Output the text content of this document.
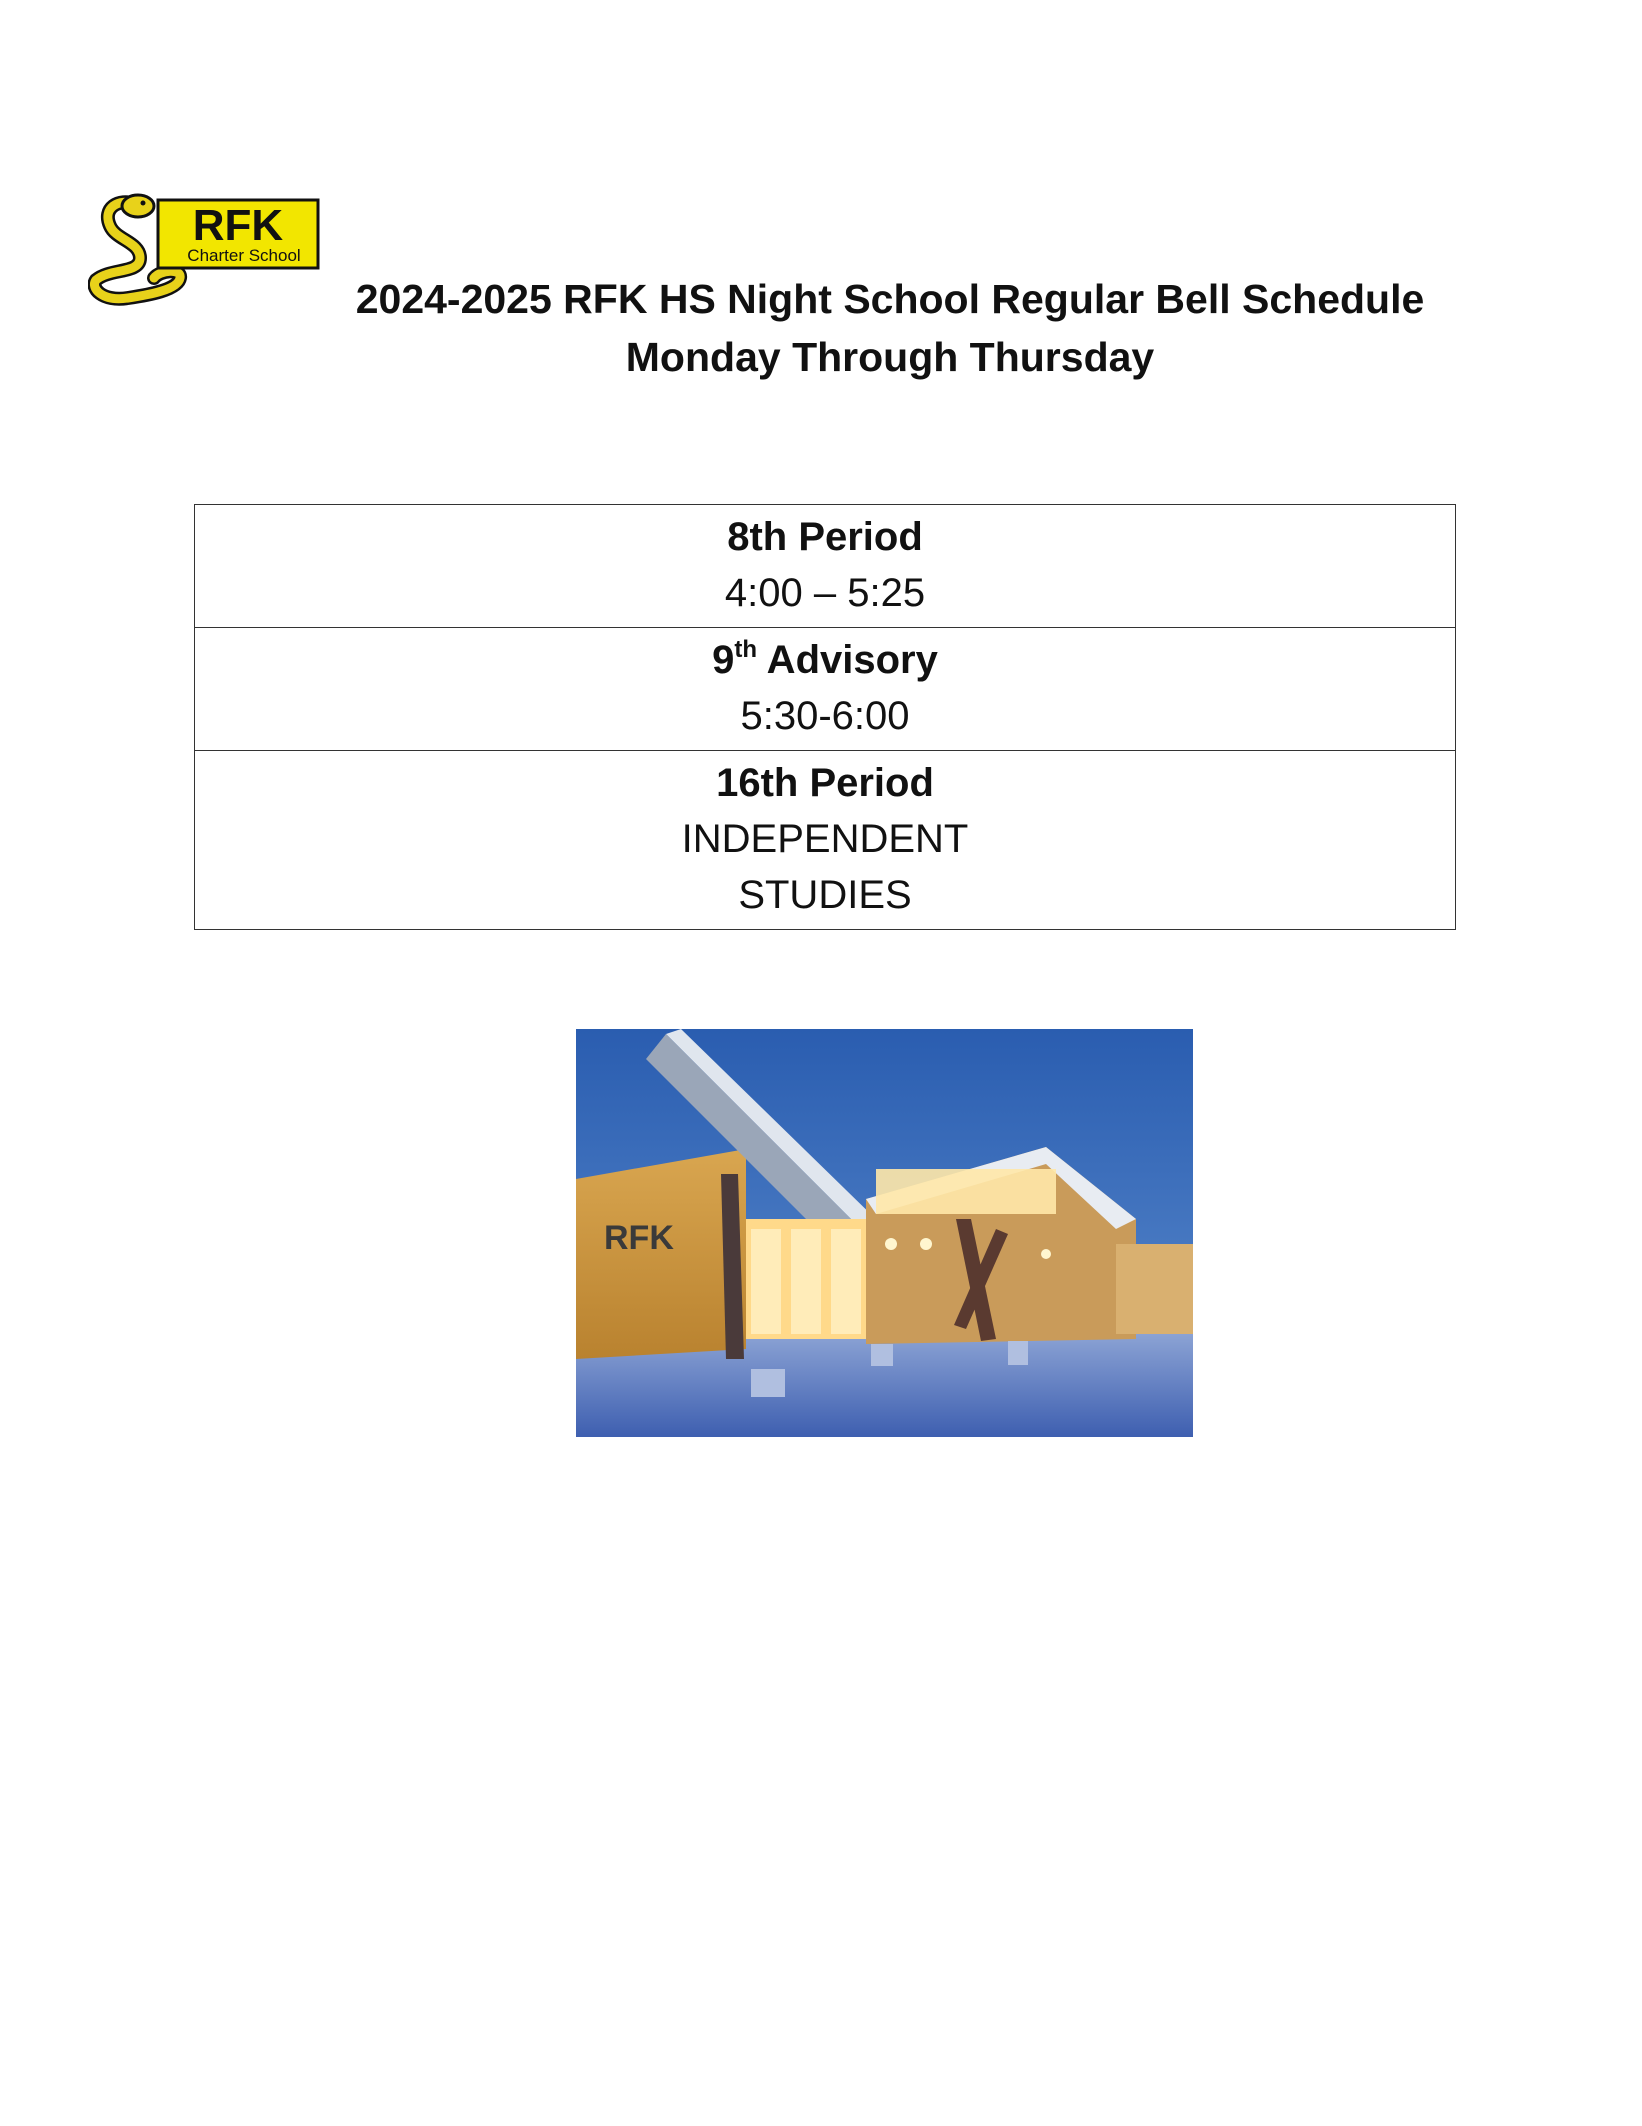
RFK
Charter School
2024-2025 RFK HS Night School Regular Bell Schedule
Monday Through Thursday
8th Period
4:00 – 5:25

9th Advisory
5:30-6:00

16th Period
INDEPENDENT
STUDIES
RFK
